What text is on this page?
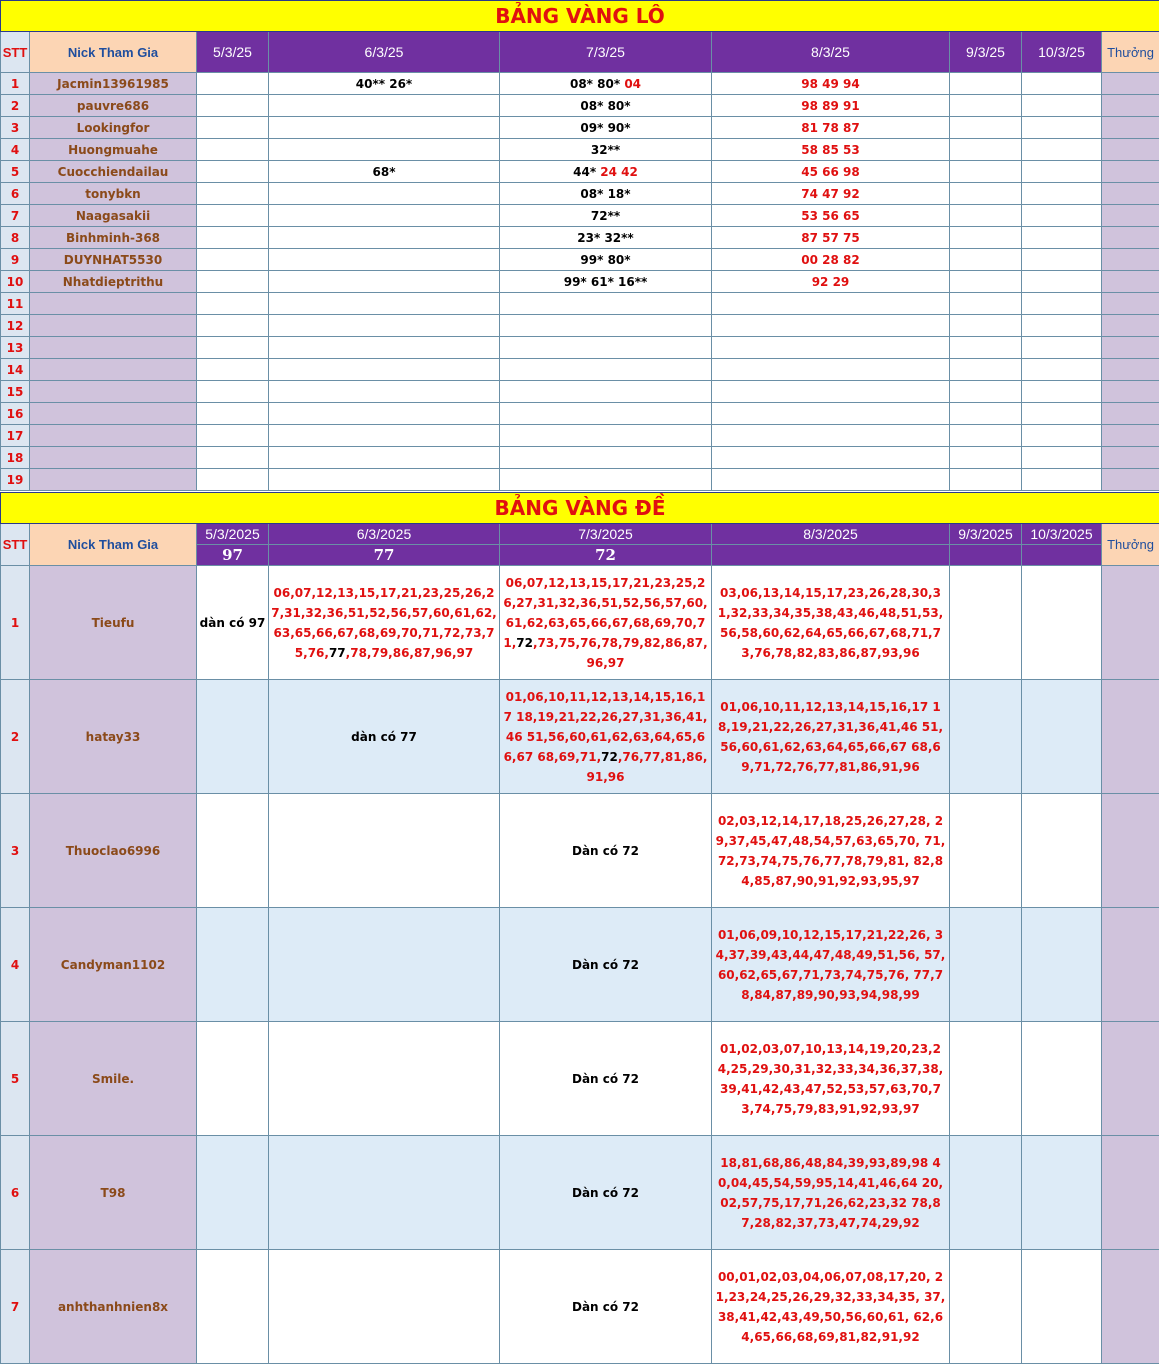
BẢNG VÀNG LÔ								
STT	Nick Tham Gia	5/3/25	6/3/25	7/3/25	8/3/25	9/3/25	10/3/25	Thưởng
1	Jacmin13961985		40** 26*	08* 80* 04	98 49 94			
2	pauvre686			08* 80*	98 89 91			
3	Lookingfor			09* 90*	81 78 87			
4	Huongmuahe			32**	58 85 53			
5	Cuocchiendailau		68*	44* 24 42	45 66 98			
6	tonybkn			08* 18*	74 47 92			
7	Naagasakii			72**	53 56 65			
8	Binhminh-368			23* 32**	87 57 75			
9	DUYNHAT5530			99* 80*	00 28 82			
10	Nhatdieptrithu			99* 61* 16**	92 29			
11								
12								
13								
14								
15								
16								
17								
18								
19								
BẢNG VÀNG ĐỀ								
STT	Nick Tham Gia	5/3/2025	6/3/2025	7/3/2025	8/3/2025	9/3/2025	10/3/2025	Thưởng
		97	77	72				
1	Tieufu	dàn có 97	06,07,12,13,15,17,21,23,25,26,27,31,32,36,51,52,56,57,60,61,62,63,65,66,67,68,69,70,71,72,73,75,76,77,78,79,86,87,96,97	06,07,12,13,15,17,21,23,25,26,27,31,32,36,51,52,56,57,60,61,62,63,65,66,67,68,69,70,71,72,73,75,76,78,79,82,86,87,96,97	03,06,13,14,15,17,23,26,28,30,31,32,33,34,35,38,43,46,48,51,53,56,58,60,62,64,65,66,67,68,71,73,76,78,82,83,86,87,93,96			
2	hatay33		dàn có 77	01,06,10,11,12,13,14,15,16,17 18,19,21,22,26,27,31,36,41,46 51,56,60,61,62,63,64,65,66,67 68,69,71,72,76,77,81,86,91,96	01,06,10,11,12,13,14,15,16,17 18,19,21,22,26,27,31,36,41,46 51,56,60,61,62,63,64,65,66,67 68,69,71,72,76,77,81,86,91,96			
3	Thuoclao6996			Dàn có 72	02,03,12,14,17,18,25,26,27,28, 29,37,45,47,48,54,57,63,65,70, 71,72,73,74,75,76,77,78,79,81, 82,84,85,87,90,91,92,93,95,97			
4	Candyman1102			Dàn có 72	01,06,09,10,12,15,17,21,22,26, 34,37,39,43,44,47,48,49,51,56, 57,60,62,65,67,71,73,74,75,76, 77,78,84,87,89,90,93,94,98,99			
5	Smile.			Dàn có 72	01,02,03,07,10,13,14,19,20,23,24,25,29,30,31,32,33,34,36,37,38,39,41,42,43,47,52,53,57,63,70,73,74,75,79,83,91,92,93,97			
6	T98			Dàn có 72	18,81,68,86,48,84,39,93,89,98 40,04,45,54,59,95,14,41,46,64 20,02,57,75,17,71,26,62,23,32 78,87,28,82,37,73,47,74,29,92			
7	anhthanhnien8x			Dàn có 72	00,01,02,03,04,06,07,08,17,20, 21,23,24,25,26,29,32,33,34,35, 37,38,41,42,43,49,50,56,60,61, 62,64,65,66,68,69,81,82,91,92			
